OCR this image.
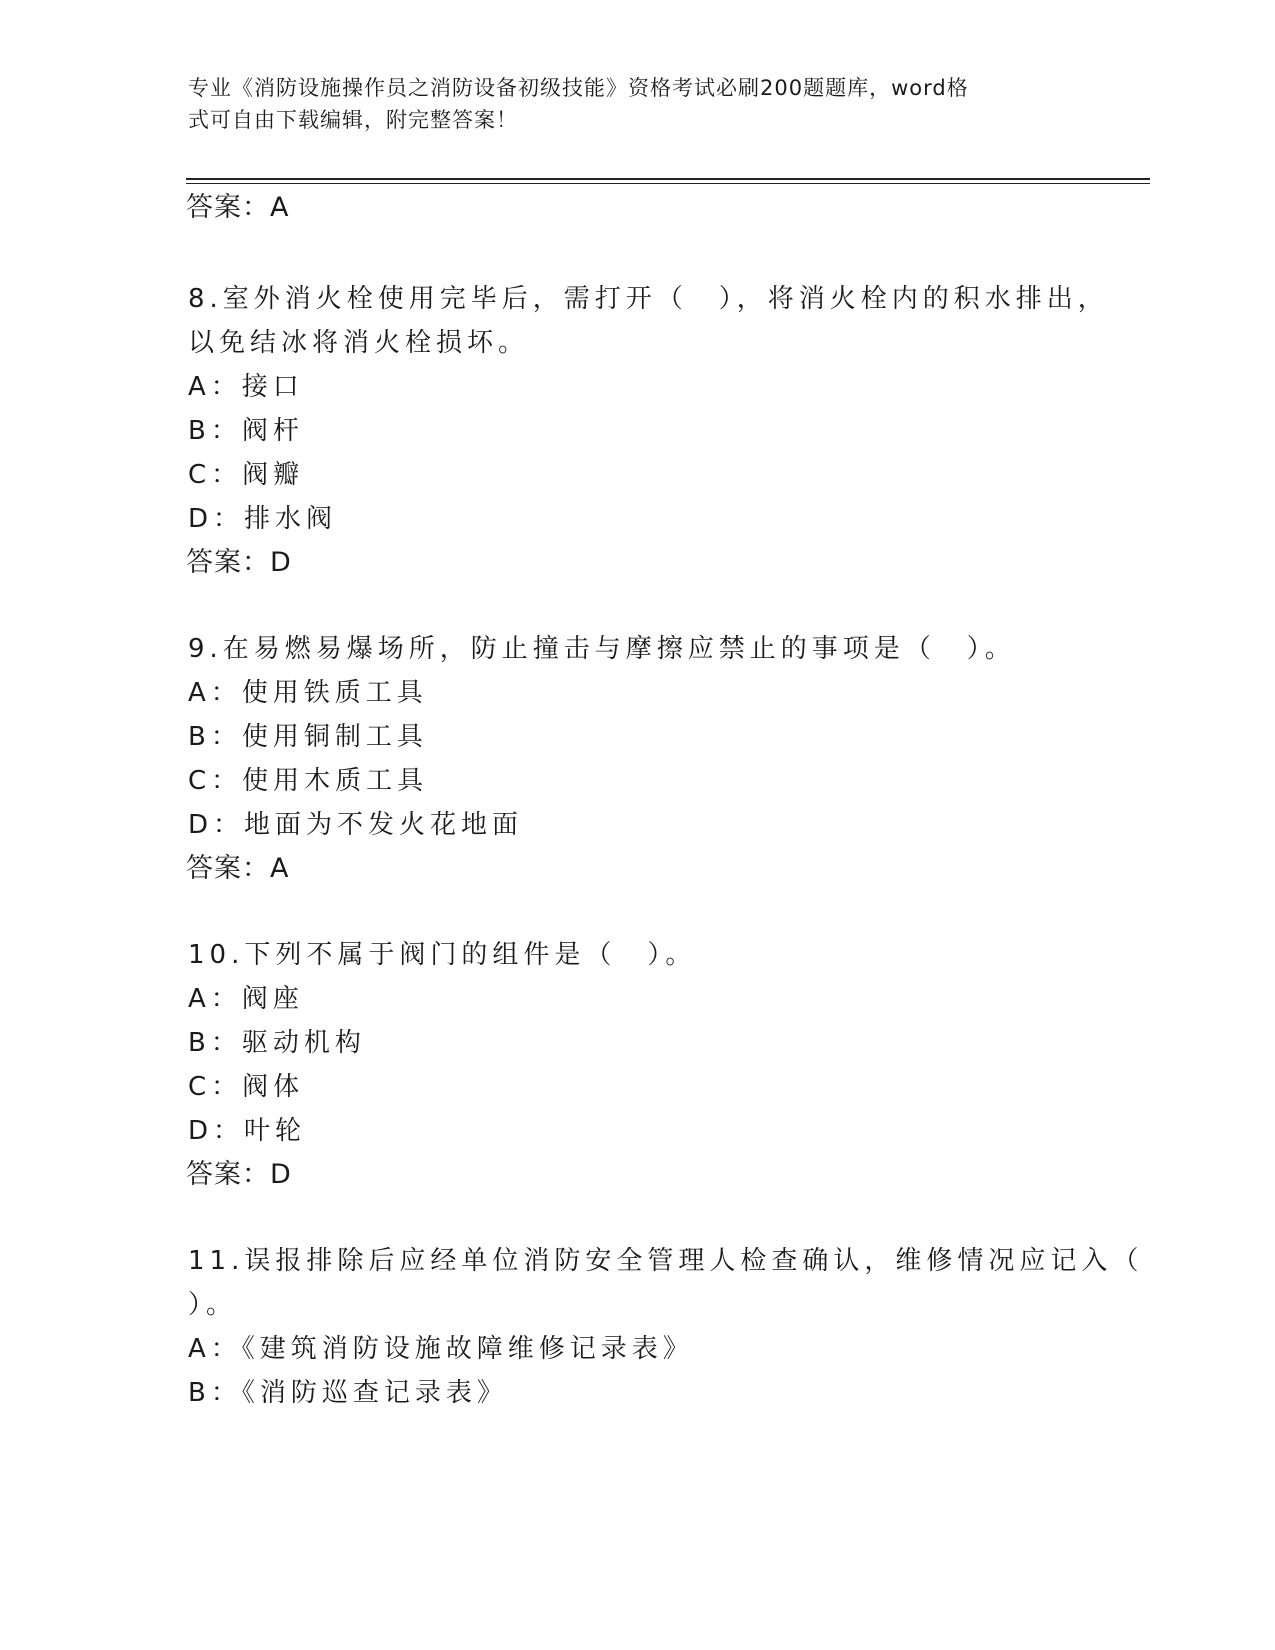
专业《消防设施操作员之消防设备初级技能》资格考试必刷200题题库，word格
式可自由下载编辑，附完整答案！
答案：A
8.室外消火栓使用完毕后，需打开（　），将消火栓内的积水排出，
以免结冰将消火栓损坏。
A：接口
B：阀杆
C：阀瓣
D：排水阀
答案：D
9.在易燃易爆场所，防止撞击与摩擦应禁止的事项是（　）。
A：使用铁质工具
B：使用铜制工具
C：使用木质工具
D：地面为不发火花地面
答案：A
10.下列不属于阀门的组件是（　）。
A：阀座
B：驱动机构
C：阀体
D：叶轮
答案：D
11.误报排除后应经单位消防安全管理人检查确认，维修情况应记入（
）。
A：《建筑消防设施故障维修记录表》
B：《消防巡查记录表》
